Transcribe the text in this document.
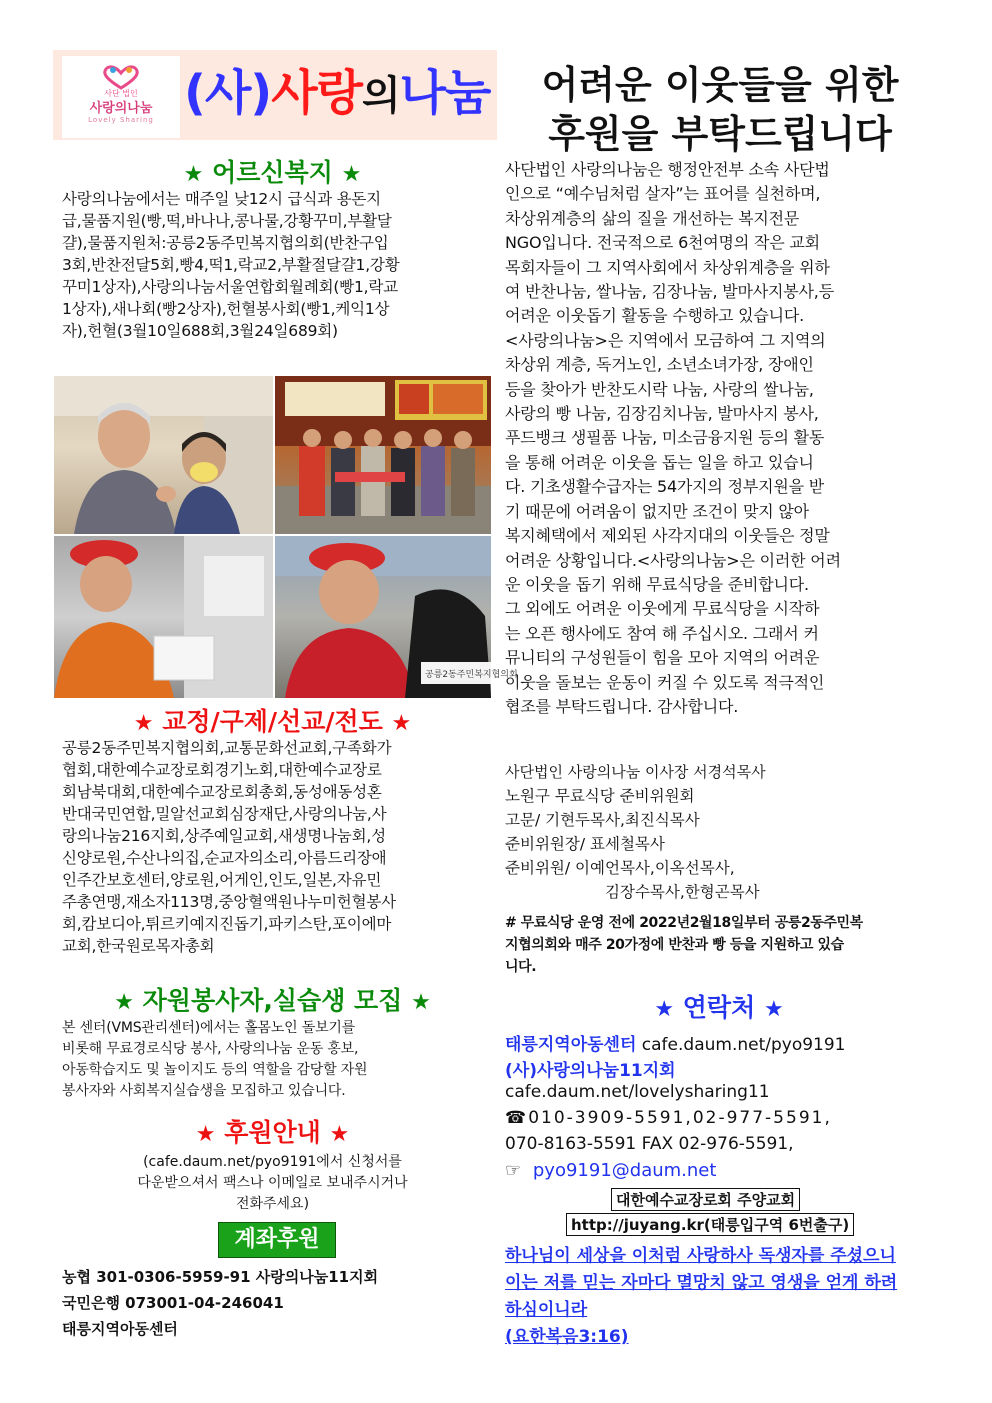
사단 법인
사랑의나눔
Lovely Sharing (사)사랑의나눔	어려운 이웃들을 위한
후원을 부탁드립니다
★ 어르신복지 ★
사랑의나눔에서는 매주일 낮12시 급식과 용돈지
급,물품지원(빵,떡,바나나,콩나물,강황꾸미,부활달
걀),물품지원처:공릉2동주민복지협의회(반찬구입
3회,반찬전달5회,빵4,떡1,락교2,부활절달걀1,강황
꾸미1상자),사랑의나눔서울연합회월례회(빵1,락교
1상자),새나회(빵2상자),헌혈봉사회(빵1,케익1상
자),헌혈(3월10일688회,3월24일689회)
공릉2동주민복지협의회
★ 교정/구제/선교/전도 ★
공릉2동주민복지협의회,교통문화선교회,구족화가
협회,대한예수교장로회경기노회,대한예수교장로
회남북대회,대한예수교장로회총회,동성애동성혼
반대국민연합,밀알선교회심장재단,사랑의나눔,사
랑의나눔216지회,상주예일교회,새생명나눔회,성
신양로원,수산나의집,순교자의소리,아름드리장애
인주간보호센터,양로원,어게인,인도,일본,자유민
주총연맹,재소자113명,중앙혈액원나누미헌혈봉사
회,캄보디아,튀르키예지진돕기,파키스탄,포이에마
교회,한국원로목자총회
★ 자원봉사자,실습생 모집 ★
본 센터(VMS관리센터)에서는 홀몸노인 돌보기를
비롯해 무료경로식당 봉사, 사랑의나눔 운동 홍보,
아동학습지도 및 놀이지도 등의 역할을 감당할 자원
봉사자와 사회복지실습생을 모집하고 있습니다.
★ 후원안내 ★
(cafe.daum.net/pyo9191에서 신청서를
다운받으셔서 팩스나 이메일로 보내주시거나
전화주세요)
계좌후원
농협 301-0306-5959-91 사랑의나눔11지회
국민은행 073001-04-246041
태릉지역아동센터
사단법인 사랑의나눔은 행정안전부 소속 사단법
인으로 “예수님처럼 살자”는 표어를 실천하며,
차상위계층의 삶의 질을 개선하는 복지전문
NGO입니다. 전국적으로 6천여명의 작은 교회
목회자들이 그 지역사회에서 차상위계층을 위하
여 반찬나눔, 쌀나눔, 김장나눔, 발마사지봉사,등
어려운 이웃돕기 활동을 수행하고 있습니다.
<사랑의나눔>은 지역에서 모금하여 그 지역의
차상위 계층, 독거노인, 소년소녀가장, 장애인
등을 찾아가 반찬도시락 나눔, 사랑의 쌀나눔,
사랑의 빵 나눔, 김장김치나눔, 발마사지 봉사,
푸드뱅크 생필품 나눔, 미소금융지원 등의 활동
을 통해 어려운 이웃을 돕는 일을 하고 있습니
다. 기초생활수급자는 54가지의 정부지원을 받
기 때문에 어려움이 없지만 조건이 맞지 않아
복지혜택에서 제외된 사각지대의 이웃들은 정말
어려운 상황입니다.<사랑의나눔>은 이러한 어려
운 이웃을 돕기 위해 무료식당을 준비합니다.
그 외에도 어려운 이웃에게 무료식당을 시작하
는 오픈 행사에도 참여 해 주십시오. 그래서 커
뮤니티의 구성원들이 힘을 모아 지역의 어려운
이웃을 돌보는 운동이 커질 수 있도록 적극적인
협조를 부탁드립니다. 감사합니다.
사단법인 사랑의나눔 이사장 서경석목사
노원구 무료식당 준비위원회
고문/ 기현두목사,최진식목사
준비위원장/ 표세철목사
준비위원/ 이예언목사,이옥선목사,
김장수목사,한형곤목사
# 무료식당 운영 전에 2022년2월18일부터 공릉2동주민복
지협의회와 매주 20가정에 반찬과 빵 등을 지원하고 있습
니다.
★ 연락처 ★
태릉지역아동센터 cafe.daum.net/pyo9191
(사)사랑의나눔11지회
cafe.daum.net/lovelysharing11
☎010-3909-5591,02-977-5591,
070-8163-5591 FAX 02-976-5591,
☞ pyo9191@daum.net
대한예수교장로회 주양교회
http://juyang.kr(태릉입구역 6번출구)
하나님이 세상을 이처럼 사랑하사 독생자를 주셨으니
이는 저를 믿는 자마다 멸망치 않고 영생을 얻게 하려
하심이니라
(요한복음3:16)
